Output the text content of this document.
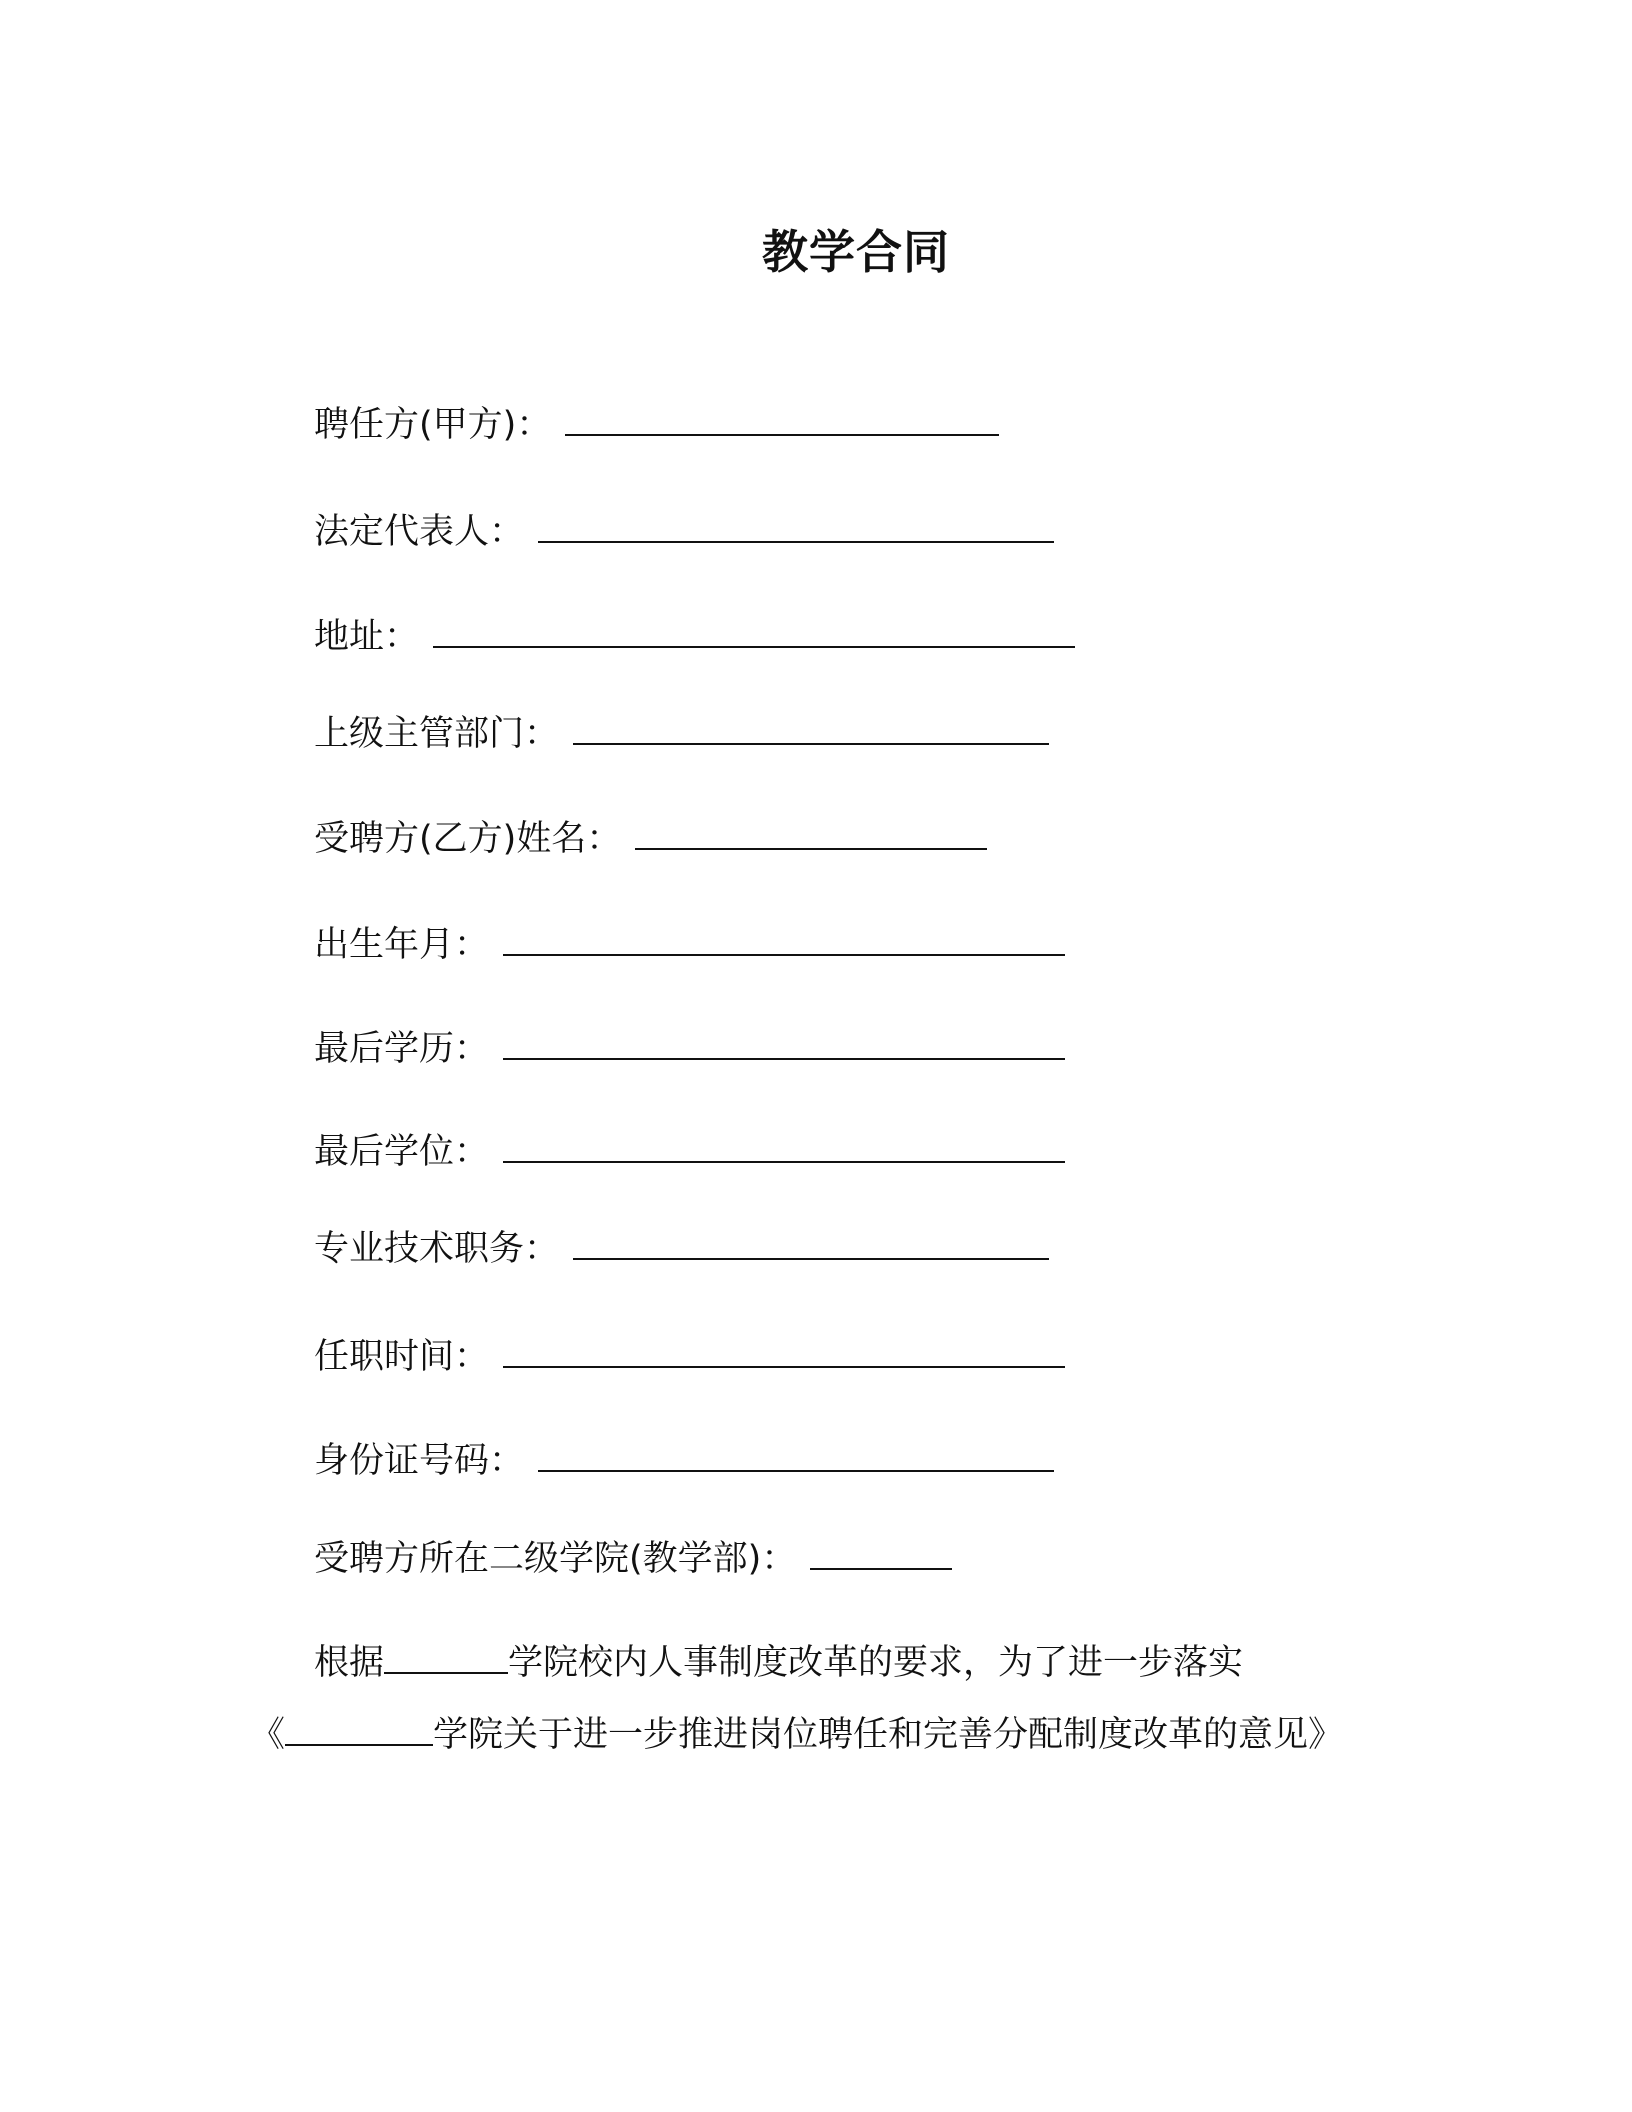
教学合同
聘任方(甲方)：
法定代表人：
地址：
上级主管部门：
受聘方(乙方)姓名：
出生年月：
最后学历：
最后学位：
专业技术职务：
任职时间：
身份证号码：
受聘方所在二级学院(教学部)：
根据	学院校内人事制度改革的要求，为了进一步落实
《	学院关于进一步推进岗位聘任和完善分配制度改革的意见》
